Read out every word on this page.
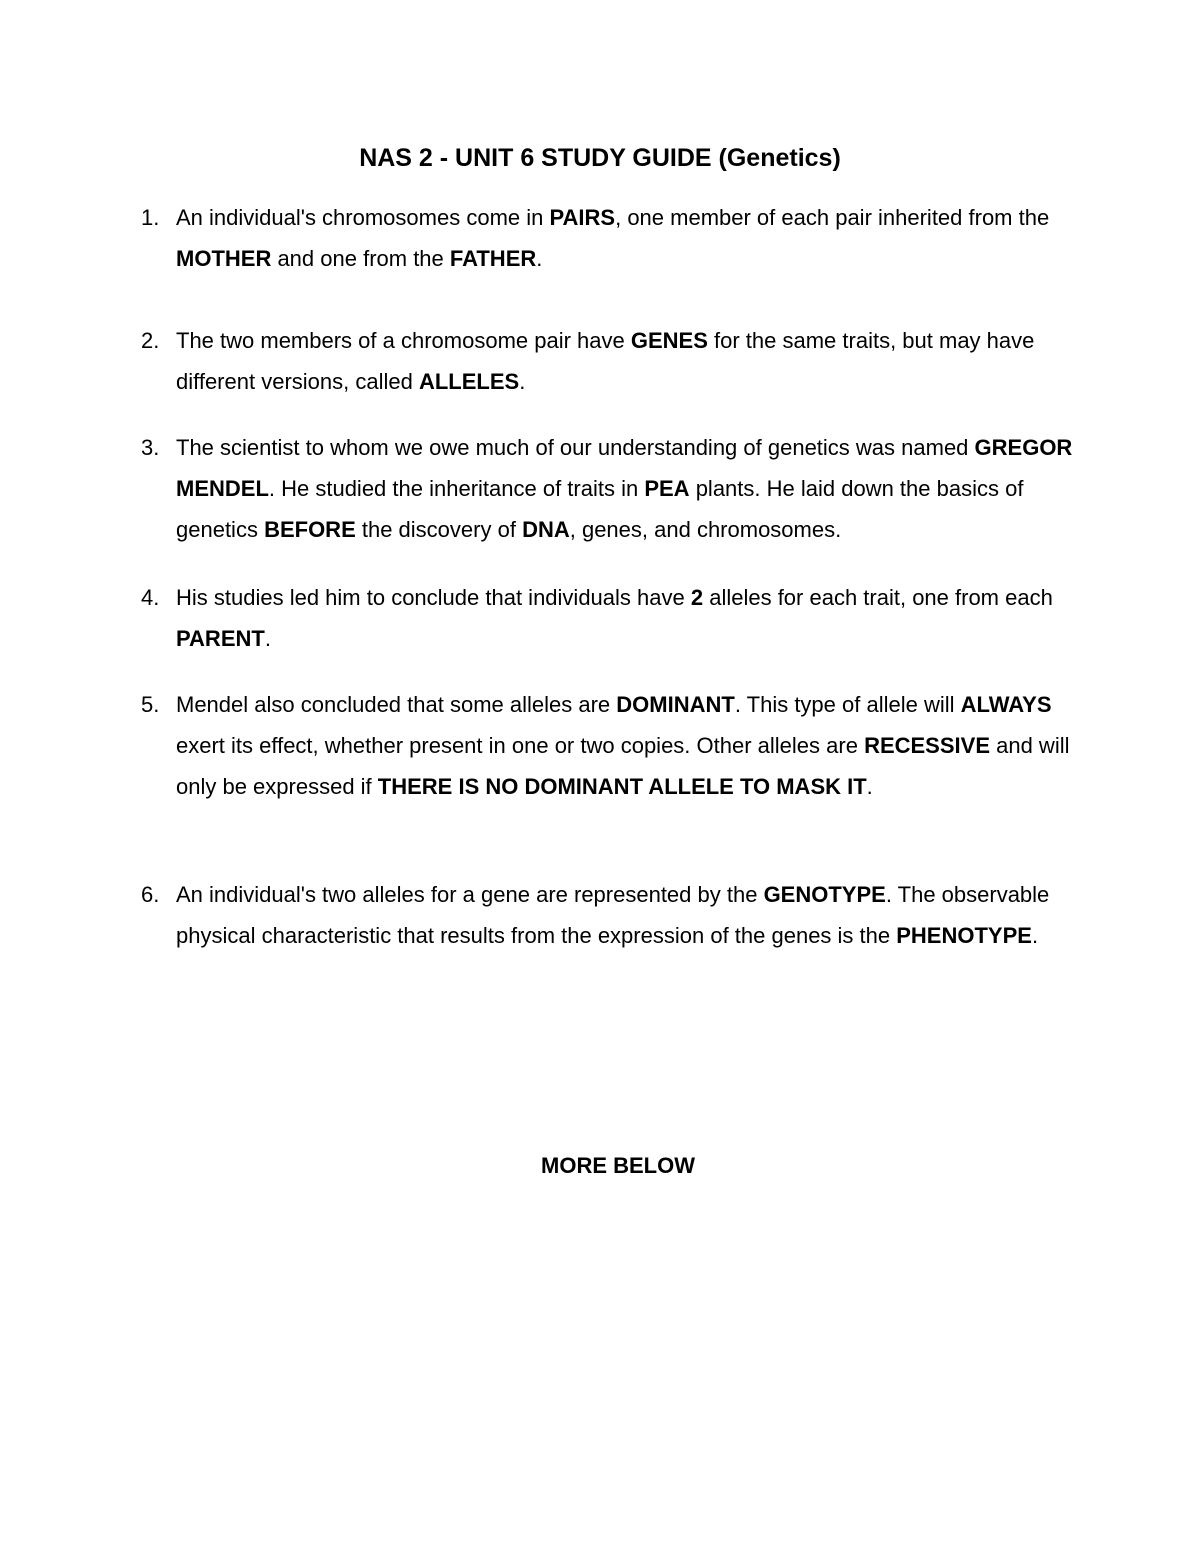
NAS 2 - UNIT 6 STUDY GUIDE (Genetics)
1. An individual's chromosomes come in PAIRS, one member of each pair inherited from the MOTHER and one from the FATHER.
2. The two members of a chromosome pair have GENES for the same traits, but may have different versions, called ALLELES.
3. The scientist to whom we owe much of our understanding of genetics was named GREGOR MENDEL. He studied the inheritance of traits in PEA plants. He laid down the basics of genetics BEFORE the discovery of DNA, genes, and chromosomes.
4. His studies led him to conclude that individuals have 2 alleles for each trait, one from each PARENT.
5. Mendel also concluded that some alleles are DOMINANT. This type of allele will ALWAYS exert its effect, whether present in one or two copies. Other alleles are RECESSIVE and will only be expressed if THERE IS NO DOMINANT ALLELE TO MASK IT.
6. An individual's two alleles for a gene are represented by the GENOTYPE. The observable physical characteristic that results from the expression of the genes is the PHENOTYPE.
MORE BELOW
